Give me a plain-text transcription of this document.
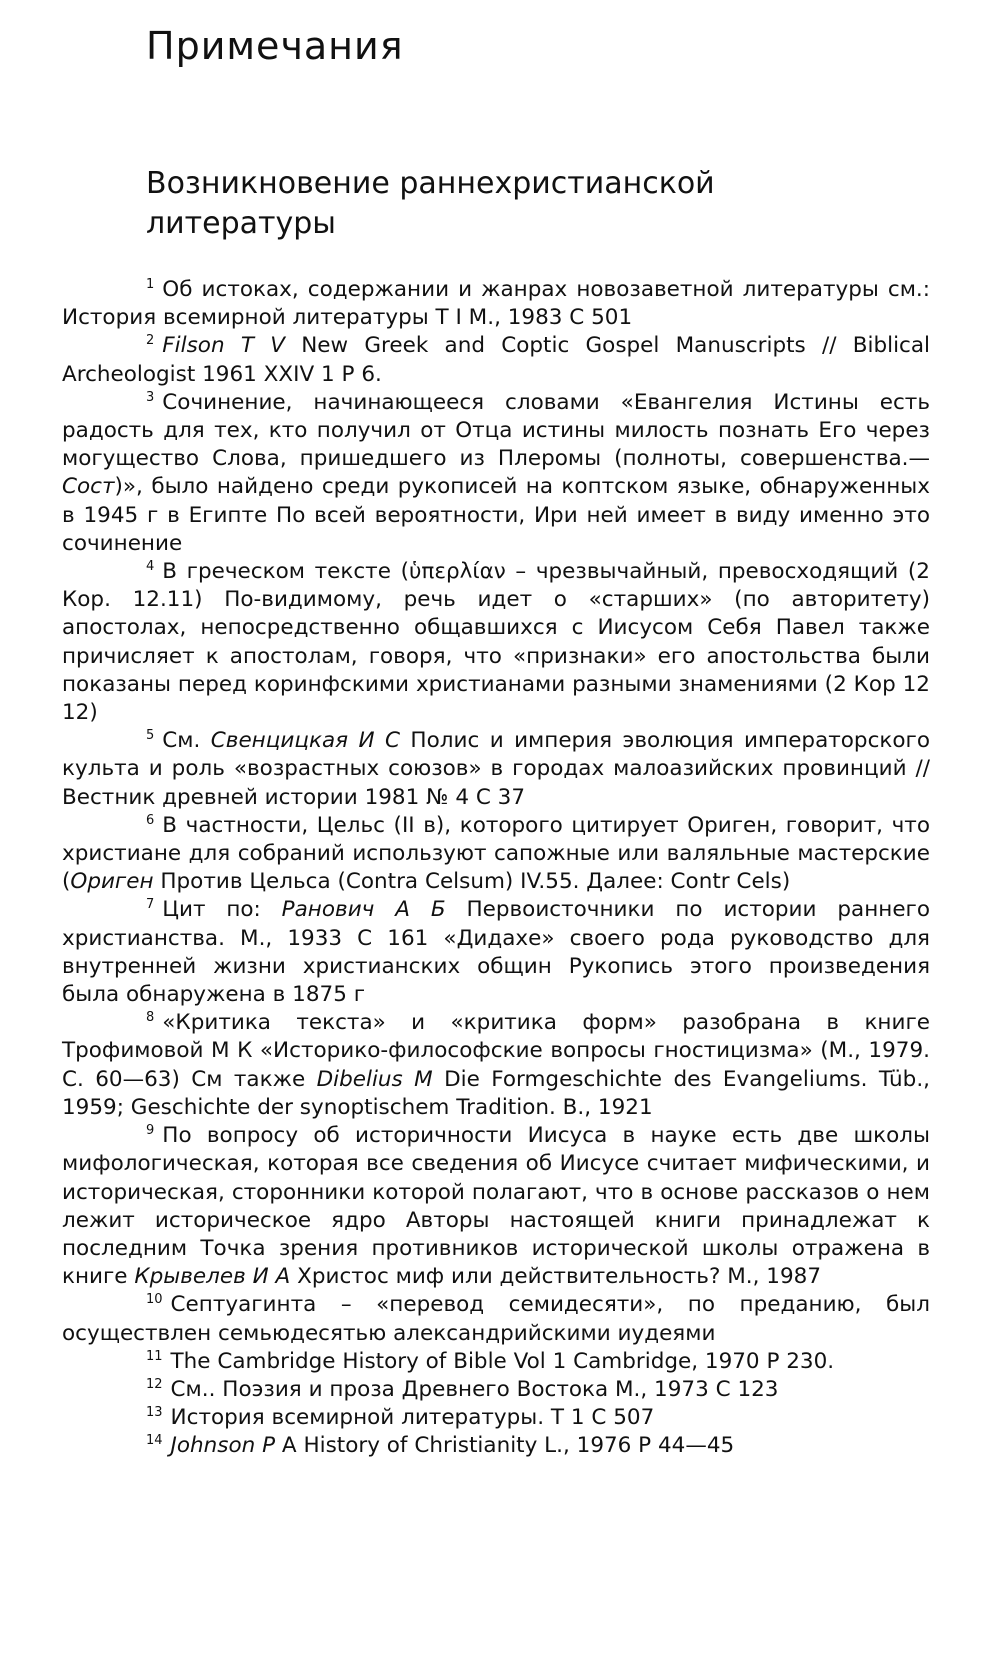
Примечания
Возникновение раннехристианской
литературы

$^1$ Об истоках, содержании и жанрах новозаветной литературы см.: История всемирной литературы Т I М., 1983 С 501

$^2$ Filson T V New Greek and Coptic Gospel Manuscripts // Biblical Archeologist 1961 XXIV 1 P 6.

$^3$ Сочинение, начинающееся словами «Евангелия Истины есть радость для тех, кто получил от Отца истины милость познать Его через могущество Слова, пришедшего из Плеромы (полноты, совершенства.— Сост)», было найдено среди рукописей на коптском языке, обнаруженных в 1945 г в Египте По всей вероятности, Ири ней имеет в виду именно это сочинение

$^4$ В греческом тексте (ὑπερλίαν – чрезвычайный, превосходящий (2 Кор. 12.11) По-видимому, речь идет о «старших» (по авторитету) апостолах, непосредственно общавшихся с Иисусом Себя Павел также причисляет к апостолам, говоря, что «признаки» его апостольства были показаны перед коринфскими христианами разными знамениями (2 Кор 12 12)

$^5$ См. Свенцицкая И С Полис и империя эволюция императорского культа и роль «возрастных союзов» в городах малоазийских провинций // Вестник древней истории 1981 № 4 С 37

$^6$ В частности, Цельс (II в), которого цитирует Ориген, говорит, что христиане для собраний используют сапожные или валяльные мастерские (Ориген Против Цельса (Contra Celsum) IV.55. Далее: Contr Cels)

$^7$ Цит по: Ранович А Б Первоисточники по истории раннего христианства. М., 1933 С 161 «Дидахе» своего рода руководство для внутренней жизни христианских общин Рукопись этого произведения была обнаружена в 1875 г

$^8$ «Критика текста» и «критика форм» разобрана в книге Трофимовой М К «Историко-философские вопросы гностицизма» (М., 1979. С. 60—63) См также Dibelius M Die Formgeschichte des Evangeliums. Tüb., 1959; Geschichte der synoptischem Tradition. B., 1921

$^9$ По вопросу об историчности Иисуса в науке есть две школы мифологическая, которая все сведения об Иисусе считает мифическими, и историческая, сторонники которой полагают, что в основе рассказов о нем лежит историческое ядро Авторы настоящей книги принадлежат к последним Точка зрения противников исторической школы отражена в книге Крывелев И А Христос миф или действительность? М., 1987

$^{10}$ Септуагинта – «перевод семидесяти», по преданию, был осуществлен семьюдесятью александрийскими иудеями

$^{11}$ The Cambridge History of Bible Vol 1 Cambridge, 1970 P 230.

$^{12}$ См.. Поэзия и проза Древнего Востока М., 1973 С 123

$^{13}$ История всемирной литературы. Т 1 С 507

$^{14}$ Johnson P A History of Christianity L., 1976 P 44—45
